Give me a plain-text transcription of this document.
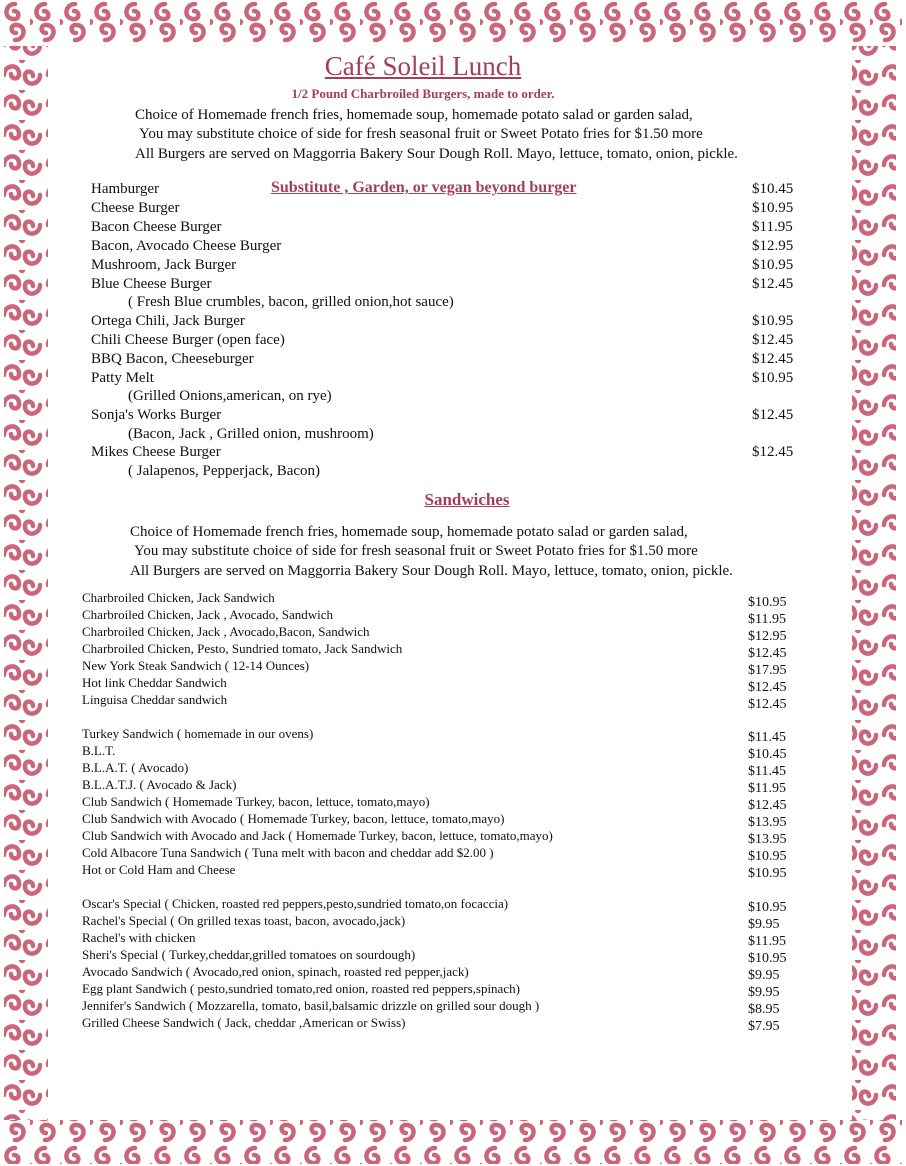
Café Soleil Lunch
1/2 Pound Charbroiled Burgers, made to order.
Choice of Homemade french fries, homemade soup, homemade potato salad or garden salad,
You may substitute choice of side for fresh seasonal fruit or Sweet Potato fries for $1.50 more
All Burgers are served on Maggorria Bakery Sour Dough Roll. Mayo, lettuce, tomato, onion, pickle.
Substitute , Garden, or vegan beyond burger
Hamburger	$10.45
Cheese Burger	$10.95
Bacon Cheese Burger	$11.95
Bacon, Avocado Cheese Burger	$12.95
Mushroom, Jack Burger	$10.95
Blue Cheese Burger	$12.45
( Fresh Blue crumbles, bacon, grilled onion,hot sauce)
Ortega Chili, Jack Burger	$10.95
Chili Cheese Burger (open face)	$12.45
BBQ Bacon, Cheeseburger	$12.45
Patty Melt	$10.95
(Grilled Onions,american, on rye)
Sonja's Works Burger	$12.45
(Bacon, Jack , Grilled onion, mushroom)
Mikes Cheese Burger	$12.45
( Jalapenos, Pepperjack, Bacon)
Sandwiches
Choice of Homemade french fries, homemade soup, homemade potato salad or garden salad,
You may substitute choice of side for fresh seasonal fruit or Sweet Potato fries for $1.50 more
All Burgers are served on Maggorria Bakery Sour Dough Roll. Mayo, lettuce, tomato, onion, pickle.
Charbroiled Chicken, Jack Sandwich	$10.95
Charbroiled Chicken, Jack , Avocado, Sandwich	$11.95
Charbroiled Chicken, Jack , Avocado,Bacon, Sandwich	$12.95
Charbroiled Chicken, Pesto, Sundried tomato, Jack Sandwich	$12.45
New York Steak Sandwich ( 12-14 Ounces)	$17.95
Hot link Cheddar Sandwich	$12.45
Linguisa Cheddar sandwich	$12.45
Turkey Sandwich ( homemade in our ovens)	$11.45
B.L.T.	$10.45
B.L.A.T. ( Avocado)	$11.45
B.L.A.T.J. ( Avocado & Jack)	$11.95
Club Sandwich ( Homemade Turkey, bacon, lettuce, tomato,mayo)	$12.45
Club Sandwich with Avocado ( Homemade Turkey, bacon, lettuce, tomato,mayo)	$13.95
Club Sandwich with Avocado and Jack ( Homemade Turkey, bacon, lettuce, tomato,mayo)	$13.95
Cold Albacore Tuna Sandwich ( Tuna melt with bacon and cheddar add $2.00 )	$10.95
Hot or Cold Ham and Cheese	$10.95
Oscar's Special ( Chicken, roasted red peppers,pesto,sundried tomato,on focaccia)	$10.95
Rachel's Special ( On grilled texas toast, bacon, avocado,jack)	$9.95
Rachel's with chicken	$11.95
Sheri's Special ( Turkey,cheddar,grilled tomatoes on sourdough)	$10.95
Avocado Sandwich ( Avocado,red onion, spinach, roasted red pepper,jack)	$9.95
Egg plant Sandwich ( pesto,sundried tomato,red onion, roasted red peppers,spinach)	$9.95
Jennifer's Sandwich ( Mozzarella, tomato, basil,balsamic drizzle on grilled sour dough )	$8.95
Grilled Cheese Sandwich ( Jack, cheddar ,American or Swiss)	$7.95
